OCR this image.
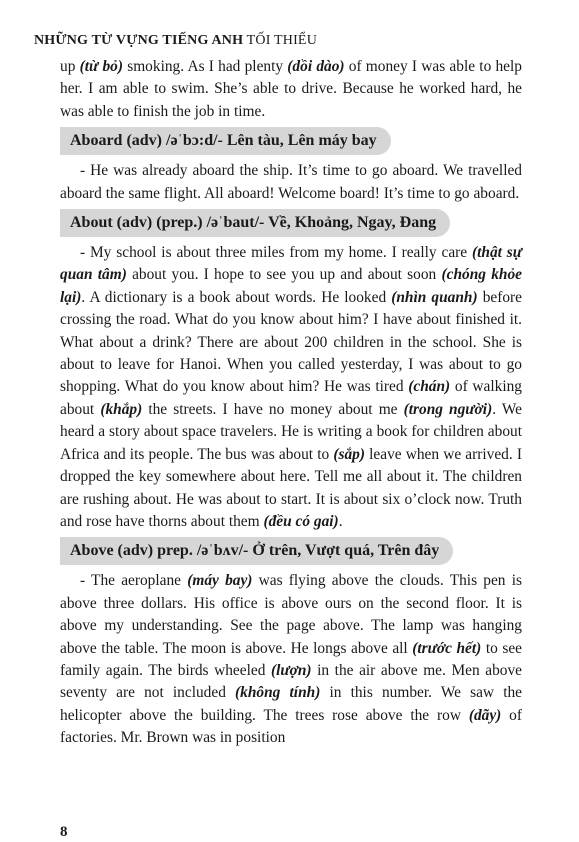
NHỮNG TỪ VỰNG TIẾNG ANH TỐI THIỂU

up (từ bỏ) smoking. As I had plenty (dồi dào) of money I was able to help her. I am able to swim. She’s able to drive. Because he worked hard, he was able to finish the job in time.

Aboard (adv) /əˈbɔ:d/- Lên tàu, Lên máy bay

- He was already aboard the ship. It’s time to go aboard. We travelled aboard the same flight. All aboard! Welcome board! It’s time to go aboard.

About (adv) (prep.) /əˈbaut/- Về, Khoảng, Ngay, Đang

- My school is about three miles from my home. I really care (thật sự quan tâm) about you. I hope to see you up and about soon (chóng khỏe lại). A dictionary is a book about words. He looked (nhìn quanh) before crossing the road. What do you know about him? I have about finished it. What about a drink? There are about 200 children in the school. She is about to leave for Hanoi. When you called yesterday, I was about to go shopping. What do you know about him? He was tired (chán) of walking about (khắp) the streets. I have no money about me (trong người). We heard a story about space travelers. He is writing a book for children about Africa and its people. The bus was about to (sắp) leave when we arrived. I dropped the key somewhere about here. Tell me all about it. The children are rushing about. He was about to start. It is about six o’clock now. Truth and rose have thorns about them (đều có gai).

Above (adv) prep. /əˈbʌv/- Ở trên, Vượt quá, Trên đây

- The aeroplane (máy bay) was flying above the clouds. This pen is above three dollars. His office is above ours on the second floor. It is above my understanding. See the page above. The lamp was hanging above the table. The moon is above. He longs above all (trước hết) to see family again. The birds wheeled (lượn) in the air above me. Men above seventy are not included (không tính) in this number. We saw the helicopter above the building. The trees rose above the row (dãy) of factories. Mr. Brown was in position

8
